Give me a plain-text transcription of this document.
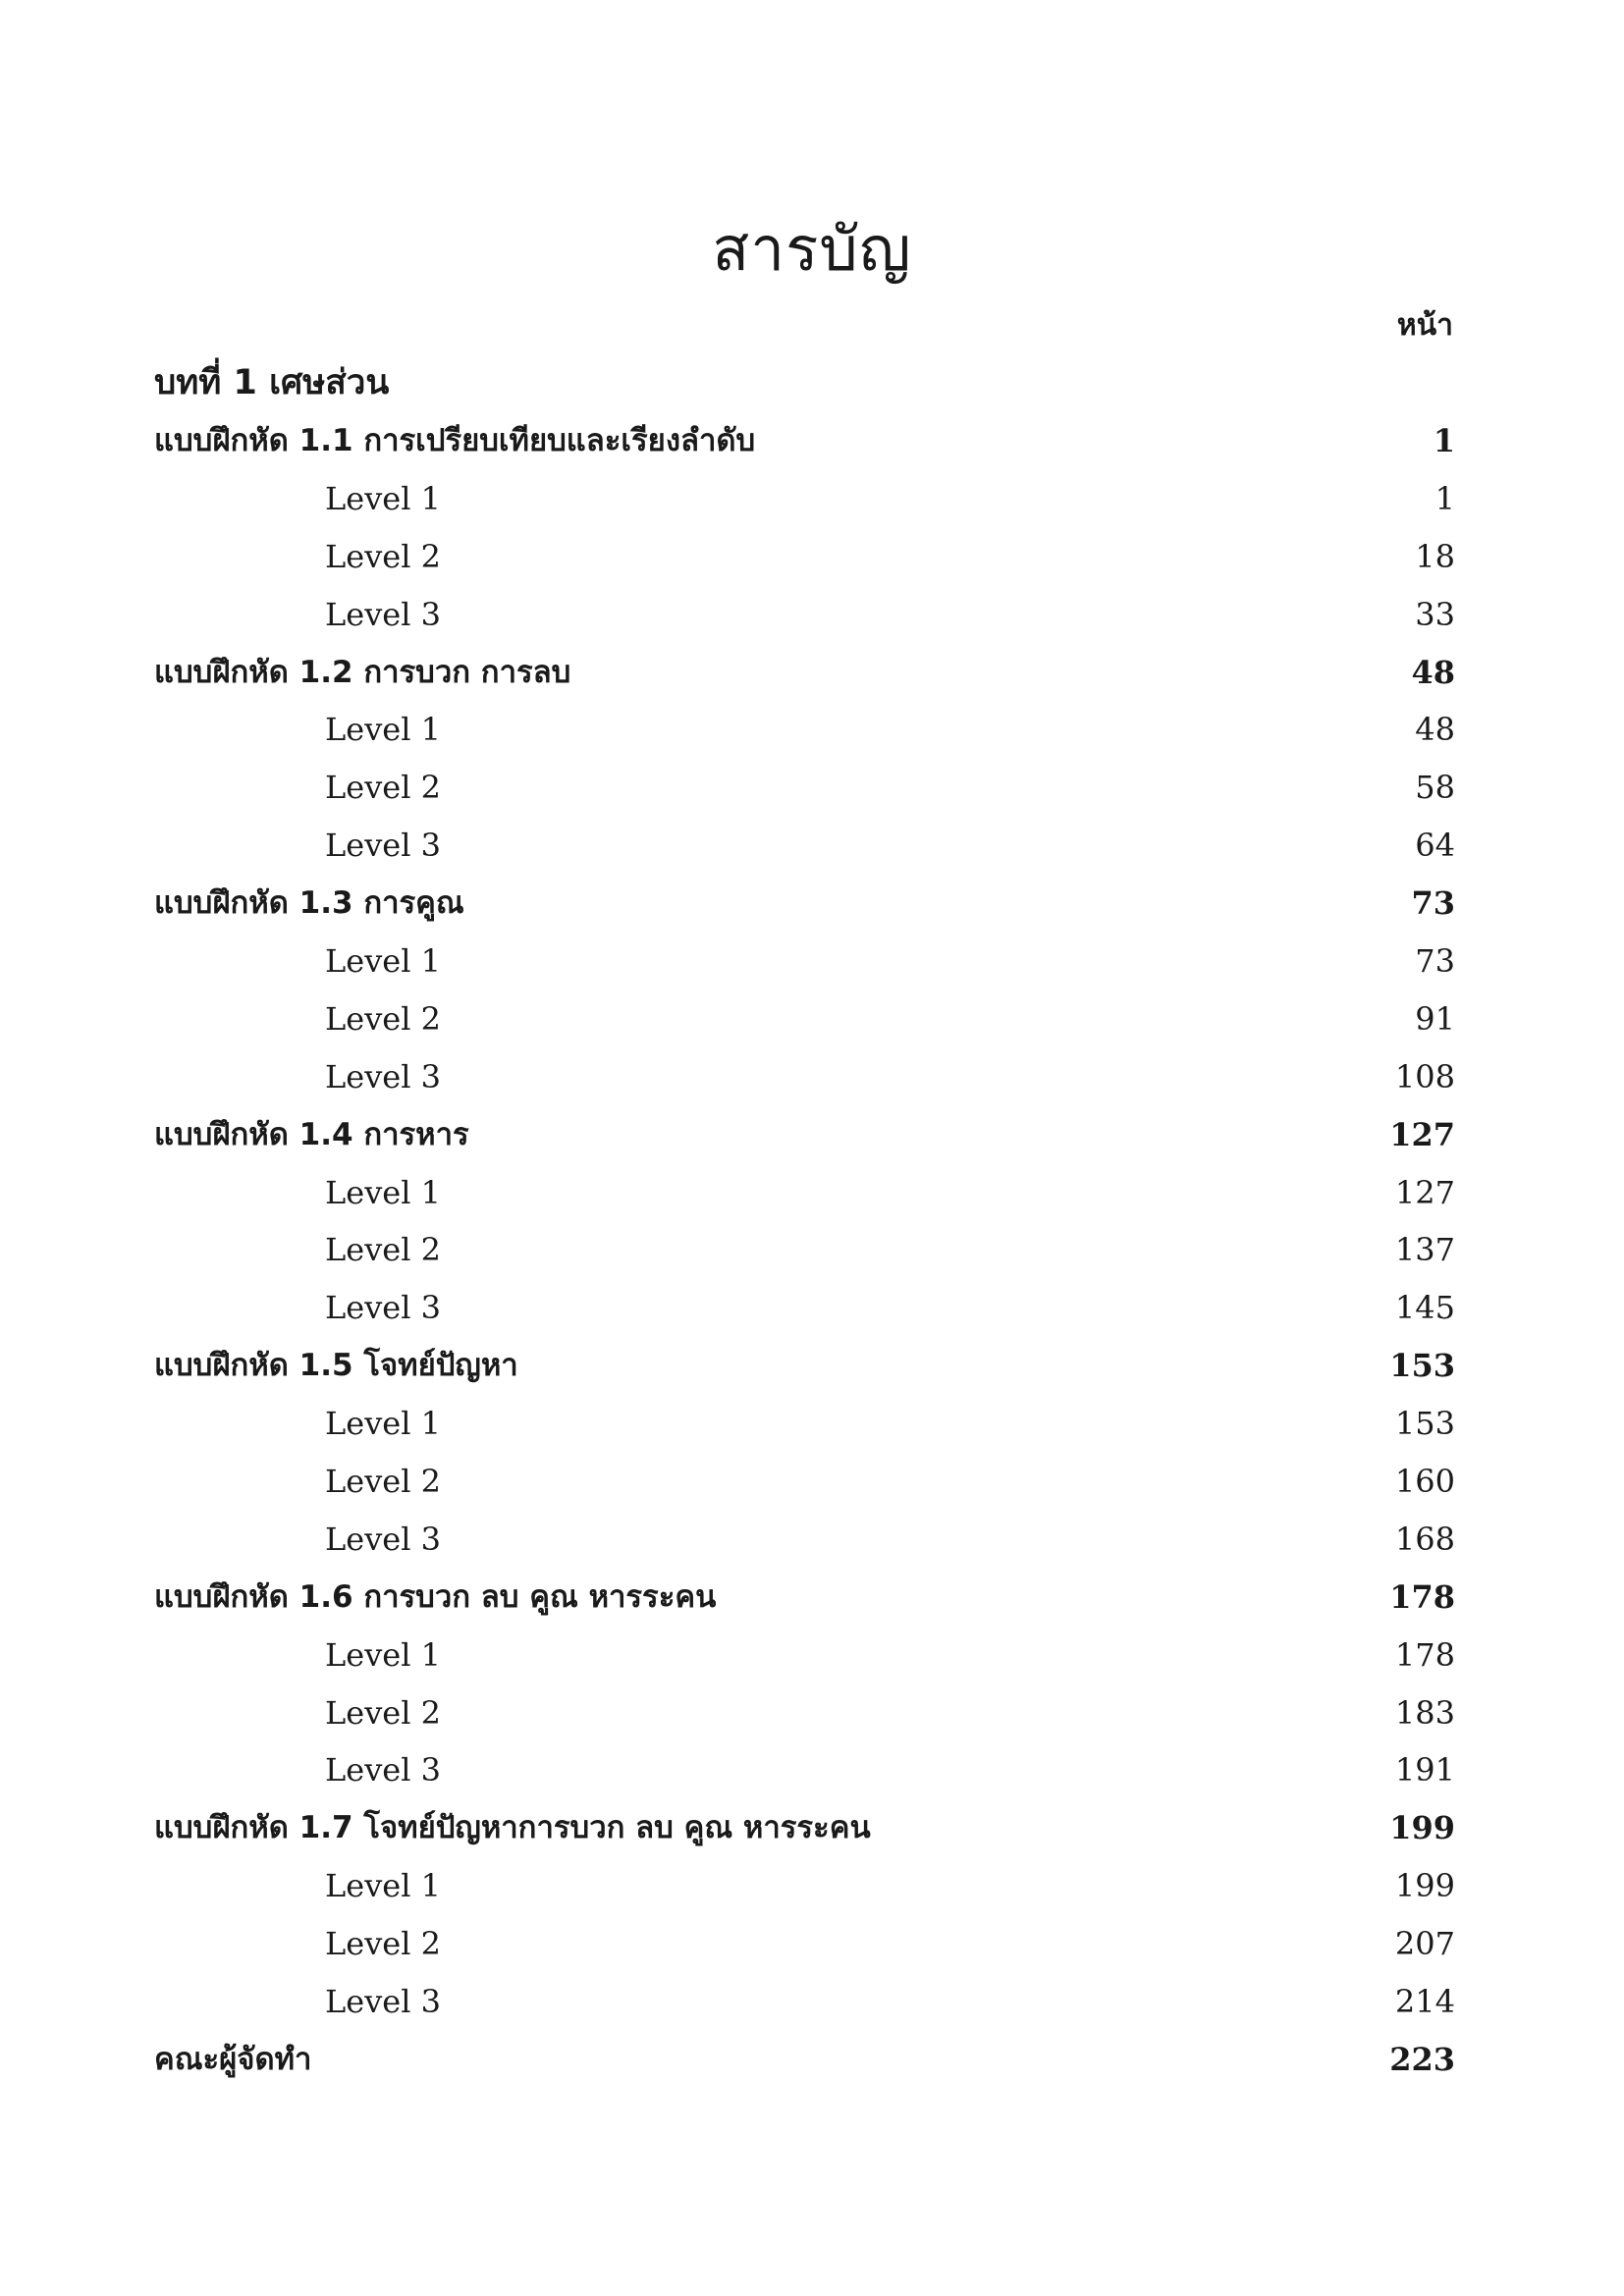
สารบัญ
หน้า
บทที่ 1 เศษส่วน
แบบฝึกหัด 1.1 การเปรียบเทียบและเรียงลำดับ	1
Level 1	1
Level 2	18
Level 3	33
แบบฝึกหัด 1.2 การบวก การลบ	48
Level 1	48
Level 2	58
Level 3	64
แบบฝึกหัด 1.3 การคูณ	73
Level 1	73
Level 2	91
Level 3	108
แบบฝึกหัด 1.4 การหาร	127
Level 1	127
Level 2	137
Level 3	145
แบบฝึกหัด 1.5 โจทย์ปัญหา	153
Level 1	153
Level 2	160
Level 3	168
แบบฝึกหัด 1.6 การบวก ลบ คูณ หารระคน	178
Level 1	178
Level 2	183
Level 3	191
แบบฝึกหัด 1.7 โจทย์ปัญหาการบวก ลบ คูณ หารระคน	199
Level 1	199
Level 2	207
Level 3	214
คณะผู้จัดทำ	223
